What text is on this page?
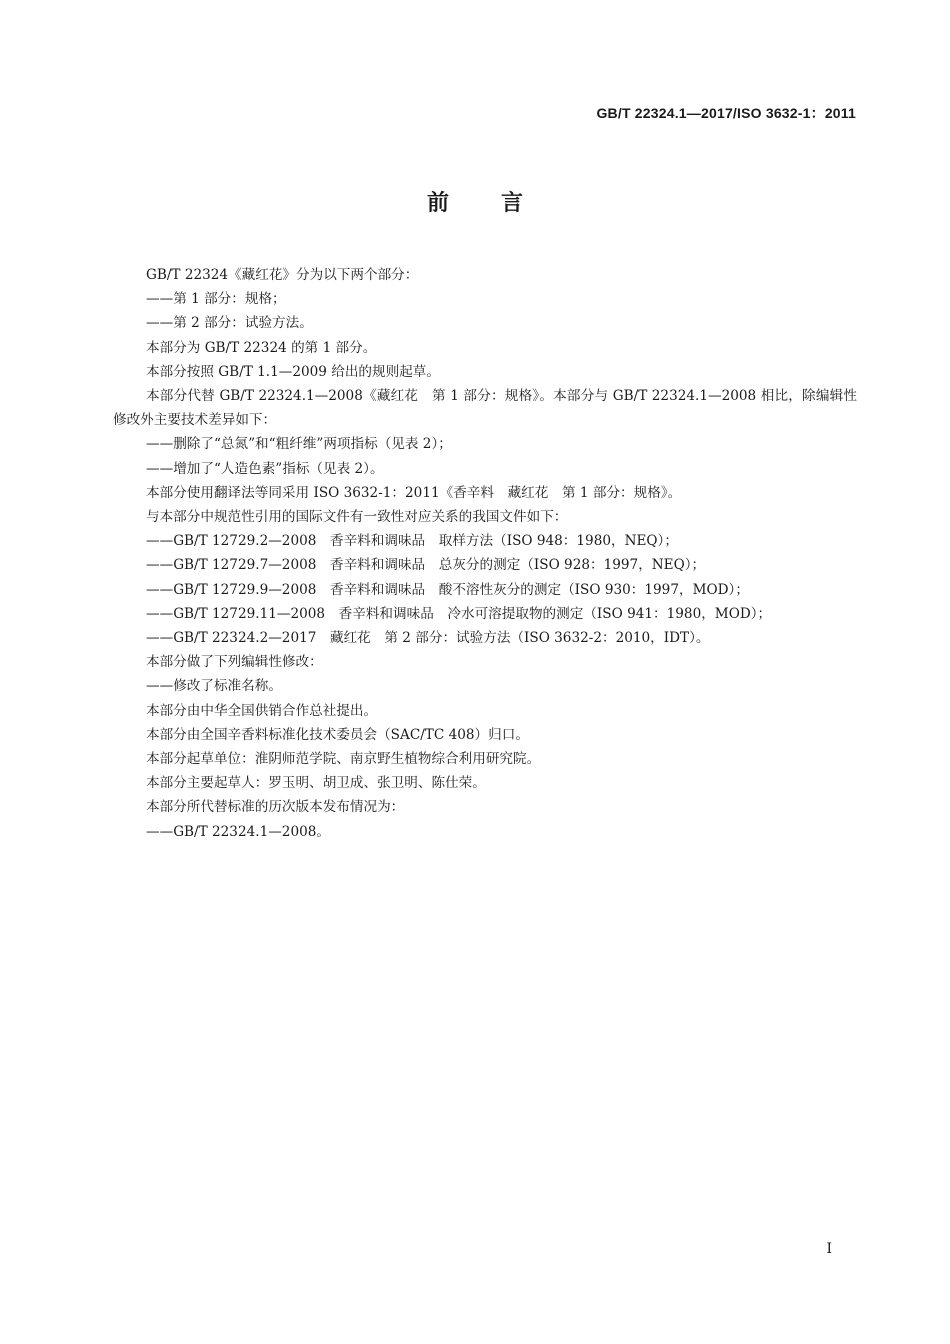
GB/T 22324.1—2017/ISO 3632-1：2011
前言

GB/T 22324《藏红花》分为以下两个部分：

——第 1 部分：规格；

——第 2 部分：试验方法。

本部分为 GB/T 22324 的第 1 部分。

本部分按照 GB/T 1.1—2009 给出的规则起草。

本部分代替 GB/T 22324.1—2008《藏红花　第 1 部分：规格》。本部分与 GB/T 22324.1—2008 相比，除编辑性修改外主要技术差异如下：

——删除了“总氮”和“粗纤维”两项指标（见表 2）；

——增加了“人造色素”指标（见表 2）。

本部分使用翻译法等同采用 ISO 3632-1：2011《香辛料　藏红花　第 1 部分：规格》。

与本部分中规范性引用的国际文件有一致性对应关系的我国文件如下：

——GB/T 12729.2—2008　香辛料和调味品　取样方法（ISO 948：1980，NEQ）；

——GB/T 12729.7—2008　香辛料和调味品　总灰分的测定（ISO 928：1997，NEQ）；

——GB/T 12729.9—2008　香辛料和调味品　酸不溶性灰分的测定（ISO 930：1997，MOD）；

——GB/T 12729.11—2008　香辛料和调味品　冷水可溶提取物的测定（ISO 941：1980，MOD）；

——GB/T 22324.2—2017　藏红花　第 2 部分：试验方法（ISO 3632-2：2010，IDT）。

本部分做了下列编辑性修改：

——修改了标准名称。

本部分由中华全国供销合作总社提出。

本部分由全国辛香料标准化技术委员会（SAC/TC 408）归口。

本部分起草单位：淮阴师范学院、南京野生植物综合利用研究院。

本部分主要起草人：罗玉明、胡卫成、张卫明、陈仕荣。

本部分所代替标准的历次版本发布情况为：

——GB/T 22324.1—2008。

I
